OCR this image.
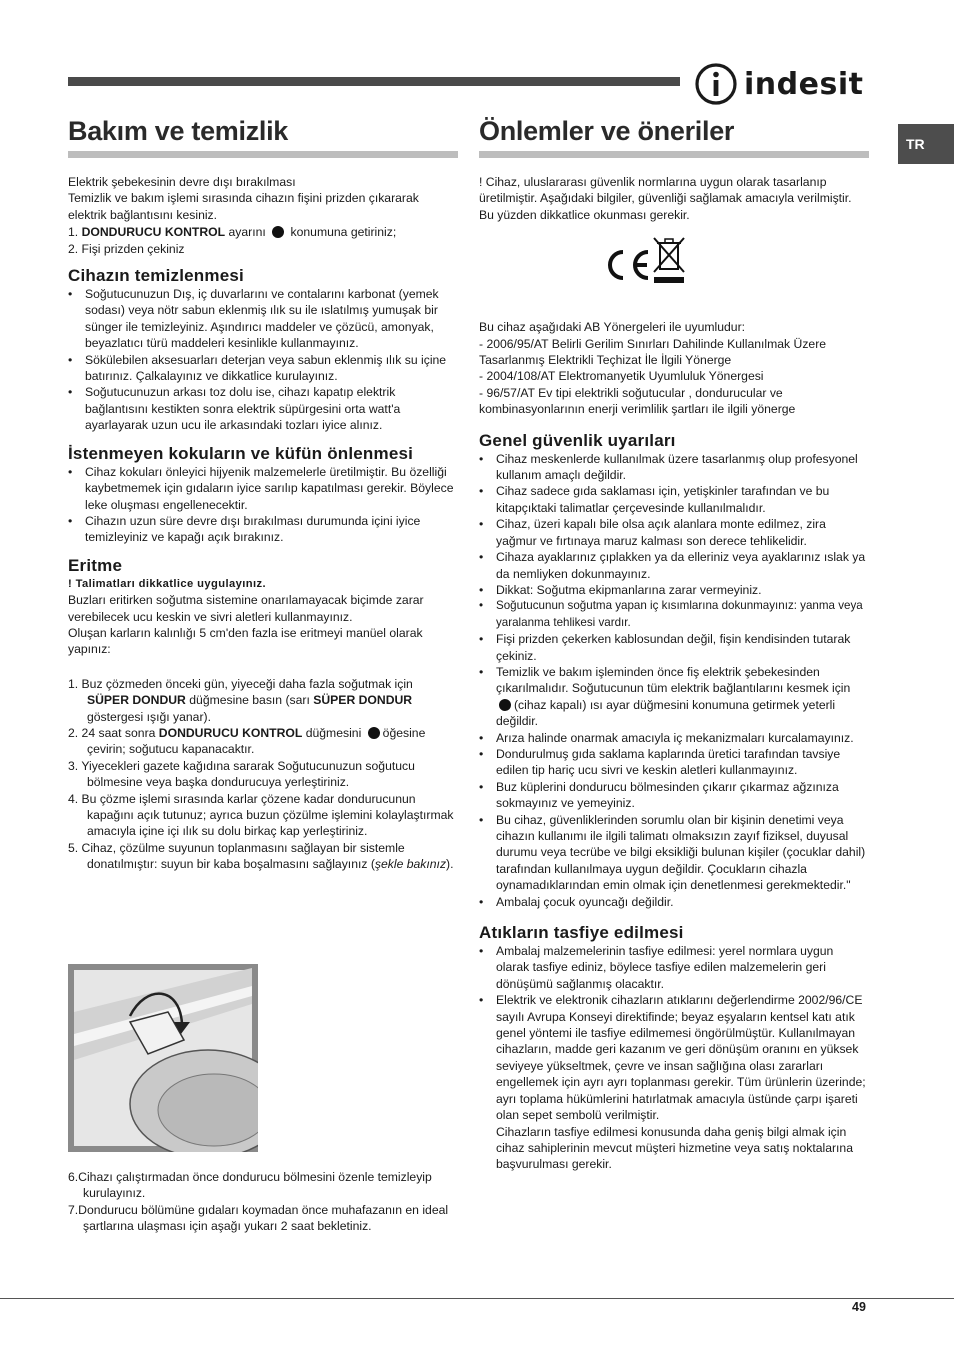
indesit
TR
Bakım ve temizlik

Elektrik şebekesinin devre dışı bırakılması

Temizlik ve bakım işlemi sırasında cihazın fişini prizden çıkararak elektrik bağlantısını kesiniz.

1. DONDURUCU KONTROL ayarını konumuna getiriniz;

2. Fişi prizden çekiniz

Cihazın temizlenmesi
• Soğutucunuzun Dış, iç duvarlarını ve contalarını karbonat (yemek sodası) veya nötr sabun eklenmiş ılık su ile ıslatılmış yumuşak bir sünger ile temizleyiniz. Aşındırıcı maddeler ve çözücü, amonyak, beyazlatıcı türü maddeleri kesinlikle kullanmayınız.
• Sökülebilen aksesuarları deterjan veya sabun eklenmiş ılık su içine batırınız. Çalkalayınız ve dikkatlice kurulayınız.
• Soğutucunuzun arkası toz dolu ise, cihazı kapatıp elektrik bağlantısını kestikten sonra elektrik süpürgesini orta watt'a ayarlayarak uzun ucu ile arkasındaki tozları iyice alınız.
İstenmeyen kokuların ve küfün önlenmesi
• Cihaz kokuları önleyici hijyenik malzemelerle üretilmiştir. Bu özelliği kaybetmemek için gıdaların iyice sarılıp kapatılması gerekir. Böylece leke oluşması engellenecektir.
• Cihazın uzun süre devre dışı bırakılması durumunda içini iyice temizleyiniz ve kapağı açık bırakınız.
Eritme

! Talimatları dikkatlice uygulayınız.

Buzları eritirken soğutma sistemine onarılamayacak biçimde zarar verebilecek ucu keskin ve sivri aletleri kullanmayınız.

Oluşan karların kalınlığı 5 cm'den fazla ise eritmeyi manüel olarak yapınız:

1. Buz çözmeden önceki gün, yiyeceği daha fazla soğutmak için SÜPER DONDUR düğmesine basın (sarı SÜPER DONDUR göstergesi ışığı yanar).

2. 24 saat sonra DONDURUCU KONTROL düğmesini öğesine çevirin; soğutucu kapanacaktır.

3. Yiyecekleri gazete kağıdına sararak Soğutucunuzun soğutucu bölmesine veya başka dondurucuya yerleştiriniz.

4. Bu çözme işlemi sırasında karlar çözene kadar dondurucunun kapağını açık tutunuz; ayrıca buzun çözülme işlemini kolaylaştırmak amacıyla içine içi ılık su dolu birkaç kap yerleştiriniz.

5. Cihaz, çözülme suyunun toplanmasını sağlayan bir sistemle donatılmıştır: suyun bir kaba boşalmasını sağlayınız (şekle bakınız).

6.Cihazı çalıştırmadan önce dondurucu bölmesini özenle temizleyip kurulayınız.

7.Dondurucu bölümüne gıdaları koymadan önce muhafazanın en ideal şartlarına ulaşması için aşağı yukarı 2 saat bekletiniz.

Önlemler ve öneriler

! Cihaz, uluslararası güvenlik normlarına uygun olarak tasarlanıp üretilmiştir. Aşağıdaki bilgiler, güvenliği sağlamak amacıyla verilmiştir. Bu yüzden dikkatlice okunması gerekir.

Bu cihaz aşağıdaki AB Yönergeleri ile uyumludur:

- 2006/95/AT Belirli Gerilim Sınırları Dahilinde Kullanılmak Üzere Tasarlanmış Elektrikli Teçhizat İle İlgili Yönerge

- 2004/108/AT Elektromanyetik Uyumluluk Yönergesi

- 96/57/AT Ev tipi elektrikli soğutucular , dondurucular ve kombinasyonlarının enerji verimlilik şartları ile ilgili yönerge

Genel güvenlik uyarıları
• Cihaz meskenlerde kullanılmak üzere tasarlanmış olup profesyonel kullanım amaçlı değildir.
• Cihaz sadece gıda saklaması için, yetişkinler tarafından ve bu kitapçıktaki talimatlar çerçevesinde kullanılmalıdır.
• Cihaz, üzeri kapalı bile olsa açık alanlara monte edilmez, zira yağmur ve fırtınaya maruz kalması son derece tehlikelidir.
• Cihaza ayaklarınız çıplakken ya da elleriniz veya ayaklarınız ıslak ya da nemliyken dokunmayınız.
• Dikkat: Soğutma ekipmanlarına zarar vermeyiniz.
• Soğutucunun soğutma yapan iç kısımlarına dokunmayınız: yanma veya yaralanma tehlikesi vardır.
• Fişi prizden çekerken kablosundan değil, fişin kendisinden tutarak çekiniz.
• Temizlik ve bakım işleminden önce fiş elektrik şebekesinden çıkarılmalıdır. Soğutucunun tüm elektrik bağlantılarını kesmek için (cihaz kapalı) ısı ayar düğmesini konumuna getirmek yeterli değildir.
• Arıza halinde onarmak amacıyla iç mekanizmaları kurcalamayınız.
• Dondurulmuş gıda saklama kaplarında üretici tarafından tavsiye edilen tip hariç ucu sivri ve keskin aletleri kullanmayınız.
• Buz küplerini dondurucu bölmesinden çıkarır çıkarmaz ağzınıza sokmayınız ve yemeyiniz.
• Bu cihaz, güvenliklerinden sorumlu olan bir kişinin denetimi veya cihazın kullanımı ile ilgili talimatı olmaksızın zayıf fiziksel, duyusal durumu veya tecrübe ve bilgi eksikliği bulunan kişiler (çocuklar dahil) tarafından kullanılmaya uygun değildir. Çocukların cihazla oynamadıklarından emin olmak için denetlenmesi gerekmektedir."
• Ambalaj çocuk oyuncağı değildir.
Atıkların tasfiye edilmesi
• Ambalaj malzemelerinin tasfiye edilmesi: yerel normlara uygun olarak tasfiye ediniz, böylece tasfiye edilen malzemelerin geri dönüşümü sağlanmış olacaktır.
• Elektrik ve elektronik cihazların atıklarını değerlendirme 2002/96/CE sayılı Avrupa Konseyi direktifinde; beyaz eşyaların kentsel katı atık genel yöntemi ile tasfiye edilmemesi öngörülmüştür. Kullanılmayan cihazların, madde geri kazanım ve geri dönüşüm oranını en yüksek seviyeye yükseltmek, çevre ve insan sağlığına olası zararları engellemek için ayrı ayrı toplanması gerekir. Tüm ürünlerin üzerinde; ayrı toplama hükümlerini hatırlatmak amacıyla üstünde çarpı işareti olan sepet sembolü verilmiştir.

Cihazların tasfiye edilmesi konusunda daha geniş bilgi almak için cihaz sahiplerinin mevcut müşteri hizmetine veya satış noktalarına başvurulması gerekir.

49
